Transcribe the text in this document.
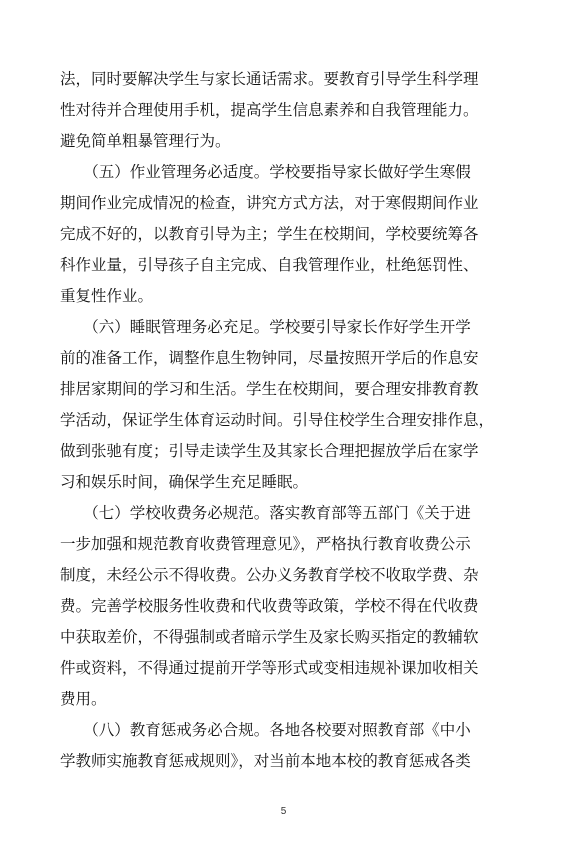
法，同时要解决学生与家长通话需求。要教育引导学生科学理
性对待并合理使用手机，提高学生信息素养和自我管理能力。
避免简单粗暴管理行为。
　　（五）作业管理务必适度。学校要指导家长做好学生寒假
期间作业完成情况的检查，讲究方式方法，对于寒假期间作业
完成不好的，以教育引导为主；学生在校期间，学校要统筹各
科作业量，引导孩子自主完成、自我管理作业，杜绝惩罚性、
重复性作业。
　　（六）睡眠管理务必充足。学校要引导家长作好学生开学
前的准备工作，调整作息生物钟同，尽量按照开学后的作息安
排居家期间的学习和生活。学生在校期间，要合理安排教育教
学活动，保证学生体育运动时间。引导住校学生合理安排作息，
做到张驰有度；引导走读学生及其家长合理把握放学后在家学
习和娱乐时间，确保学生充足睡眠。
　　（七）学校收费务必规范。落实教育部等五部门《关于进
一步加强和规范教育收费管理意见》，严格执行教育收费公示
制度，未经公示不得收费。公办义务教育学校不收取学费、杂
费。完善学校服务性收费和代收费等政策，学校不得在代收费
中获取差价，不得强制或者暗示学生及家长购买指定的教辅软
件或资料，不得通过提前开学等形式或变相违规补课加收相关
费用。
　　（八）教育惩戒务必合规。各地各校要对照教育部《中小
学教师实施教育惩戒规则》，对当前本地本校的教育惩戒各类
5
